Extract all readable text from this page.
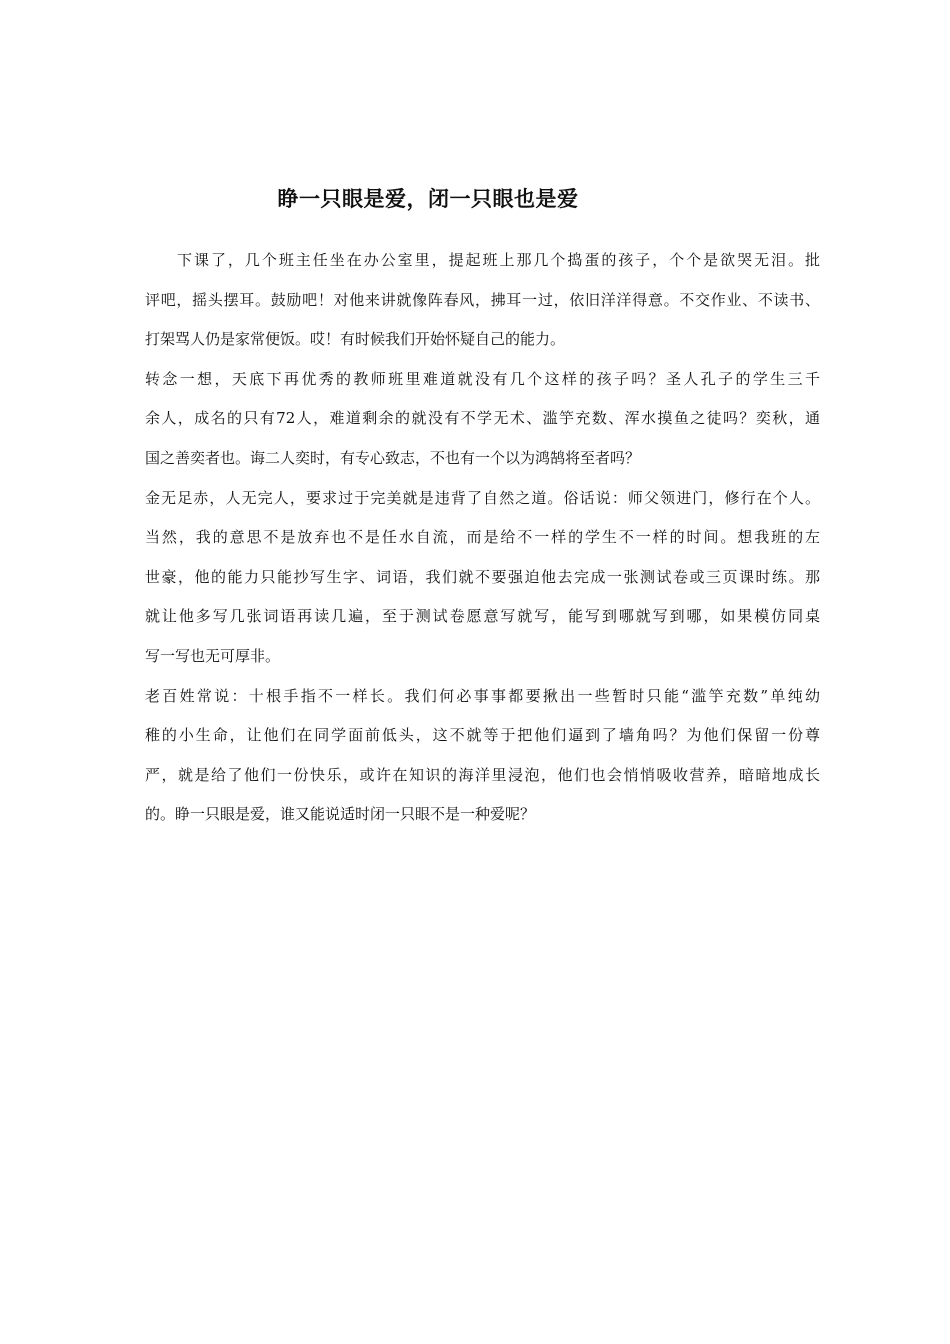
睁一只眼是爱，闭一只眼也是爱
下课了，几个班主任坐在办公室里，提起班上那几个捣蛋的孩子，个个是欲哭无泪。批
评吧，摇头摆耳。鼓励吧！对他来讲就像阵春风，拂耳一过，依旧洋洋得意。不交作业、不读书、
打架骂人仍是家常便饭。哎！有时候我们开始怀疑自己的能力。
转念一想，天底下再优秀的教师班里难道就没有几个这样的孩子吗？圣人孔子的学生三千
余人，成名的只有72人，难道剩余的就没有不学无术、滥竽充数、浑水摸鱼之徒吗？奕秋，通
国之善奕者也。诲二人奕时，有专心致志，不也有一个以为鸿鹄将至者吗？
金无足赤，人无完人，要求过于完美就是违背了自然之道。俗话说：师父领进门，修行在个人。
当然，我的意思不是放弃也不是任水自流，而是给不一样的学生不一样的时间。想我班的左
世豪，他的能力只能抄写生字、词语，我们就不要强迫他去完成一张测试卷或三页课时练。那
就让他多写几张词语再读几遍，至于测试卷愿意写就写，能写到哪就写到哪，如果模仿同桌
写一写也无可厚非。
老百姓常说：十根手指不一样长。我们何必事事都要揪出一些暂时只能“滥竽充数”单纯幼
稚的小生命，让他们在同学面前低头，这不就等于把他们逼到了墙角吗？为他们保留一份尊
严，就是给了他们一份快乐，或许在知识的海洋里浸泡，他们也会悄悄吸收营养，暗暗地成长
的。睁一只眼是爱，谁又能说适时闭一只眼不是一种爱呢？
